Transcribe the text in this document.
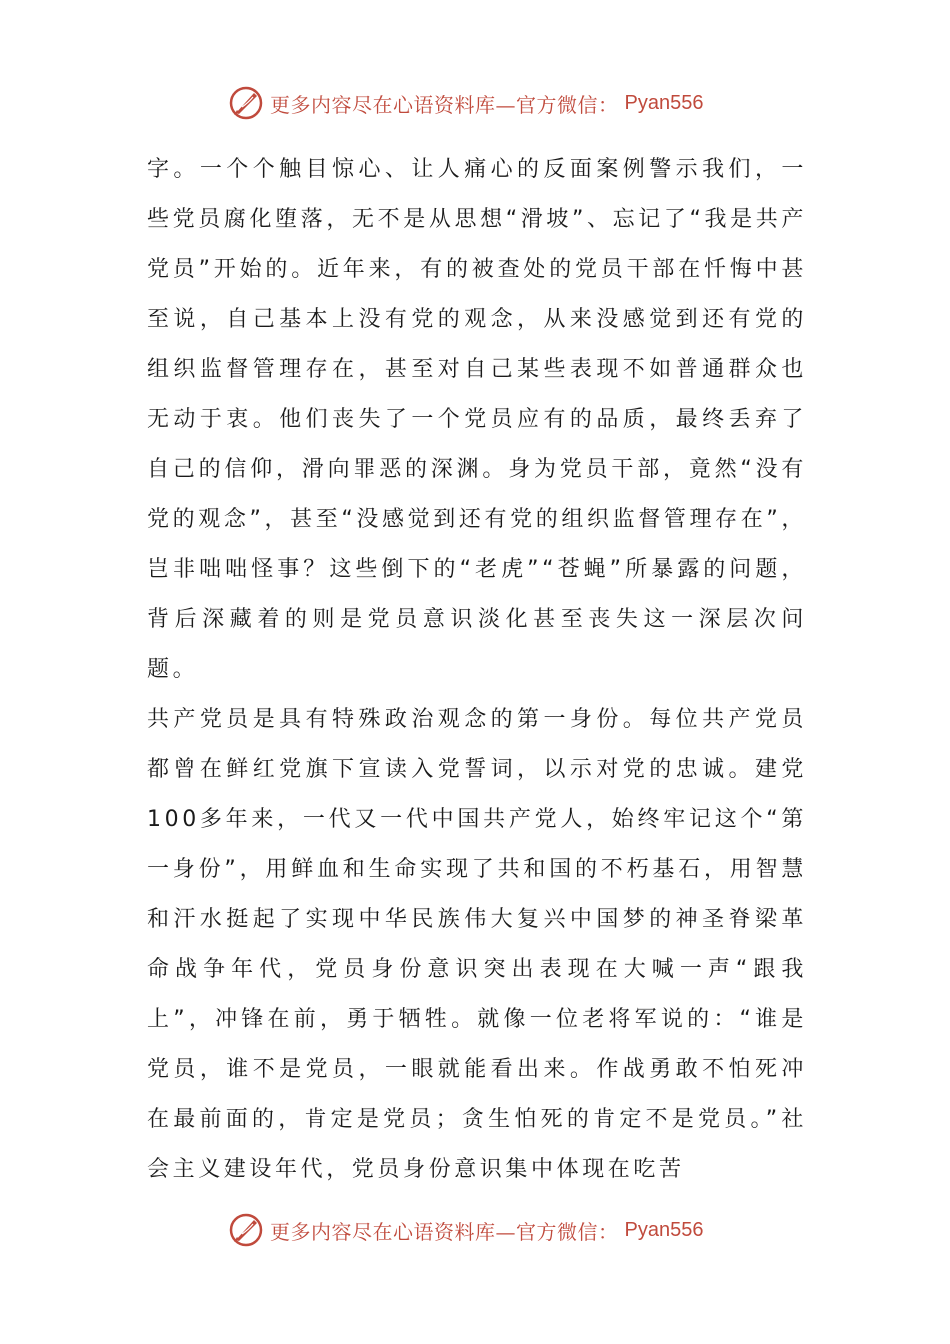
更多内容尽在心语资料库—官方微信： Pyan556

字。一个个触目惊心、让人痛心的反面案例警示我们，一些党员腐化堕落，无不是从思想“滑坡”、忘记了“我是共产党员”开始的。近年来，有的被查处的党员干部在忏悔中甚至说，自己基本上没有党的观念，从来没感觉到还有党的组织监督管理存在，甚至对自己某些表现不如普通群众也无动于衷。他们丧失了一个党员应有的品质，最终丢弃了自己的信仰，滑向罪恶的深渊。身为党员干部，竟然“没有党的观念”，甚至“没感觉到还有党的组织监督管理存在”，岂非咄咄怪事？这些倒下的“老虎”“苍蝇”所暴露的问题，背后深藏着的则是党员意识淡化甚至丧失这一深层次问题。

共产党员是具有特殊政治观念的第一身份。每位共产党员都曾在鲜红党旗下宣读入党誓词，以示对党的忠诚。建党100多年来，一代又一代中国共产党人，始终牢记这个“第一身份”，用鲜血和生命实现了共和国的不朽基石，用智慧和汗水挺起了实现中华民族伟大复兴中国梦的神圣脊梁革命战争年代，党员身份意识突出表现在大喊一声“跟我上”，冲锋在前，勇于牺牲。就像一位老将军说的：“谁是党员，谁不是党员，一眼就能看出来。作战勇敢不怕死冲在最前面的，肯定是党员；贪生怕死的肯定不是党员。”社会主义建设年代，党员身份意识集中体现在吃苦

更多内容尽在心语资料库—官方微信： Pyan556
